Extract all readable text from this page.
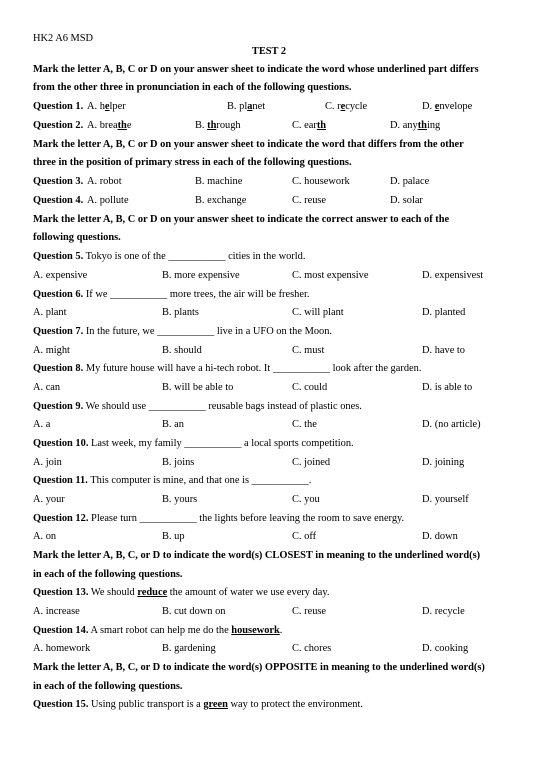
HK2 A6 MSD
TEST 2
Mark the letter A, B, C or D on your answer sheet to indicate the word whose underlined part differs
from the other three in pronunciation in each of the following questions.
Question 1. A. helper	B. planet	C. recycle	D. envelope
Question 2. A. breathe	B. through	C. earth	D. anything
Mark the letter A, B, C or D on your answer sheet to indicate the word that differs from the other
three in the position of primary stress in each of the following questions.
Question 3. A. robot	B. machine	C. housework	D. palace
Question 4. A. pollute	B. exchange	C. reuse	D. solar
Mark the letter A, B, C or D on your answer sheet to indicate the correct answer to each of the
following questions.
Question 5. Tokyo is one of the ___________ cities in the world.
A. expensive	B. more expensive	C. most expensive	D. expensivest
Question 6. If we ___________ more trees, the air will be fresher.
A. plant	B. plants	C. will plant	D. planted
Question 7. In the future, we ___________ live in a UFO on the Moon.
A. might	B. should	C. must	D. have to
Question 8. My future house will have a hi-tech robot. It ___________ look after the garden.
A. can	B. will be able to	C. could	D. is able to
Question 9. We should use ___________ reusable bags instead of plastic ones.
A. a	B. an	C. the	D. (no article)
Question 10. Last week, my family ___________ a local sports competition.
A. join	B. joins	C. joined	D. joining
Question 11. This computer is mine, and that one is ___________.
A. your	B. yours	C. you	D. yourself
Question 12. Please turn ___________ the lights before leaving the room to save energy.
A. on	B. up	C. off	D. down
Mark the letter A, B, C, or D to indicate the word(s) CLOSEST in meaning to the underlined word(s)
in each of the following questions.
Question 13. We should reduce the amount of water we use every day.
A. increase	B. cut down on	C. reuse	D. recycle
Question 14. A smart robot can help me do the housework.
A. homework	B. gardening	C. chores	D. cooking
Mark the letter A, B, C, or D to indicate the word(s) OPPOSITE in meaning to the underlined word(s)
in each of the following questions.
Question 15. Using public transport is a green way to protect the environment.
